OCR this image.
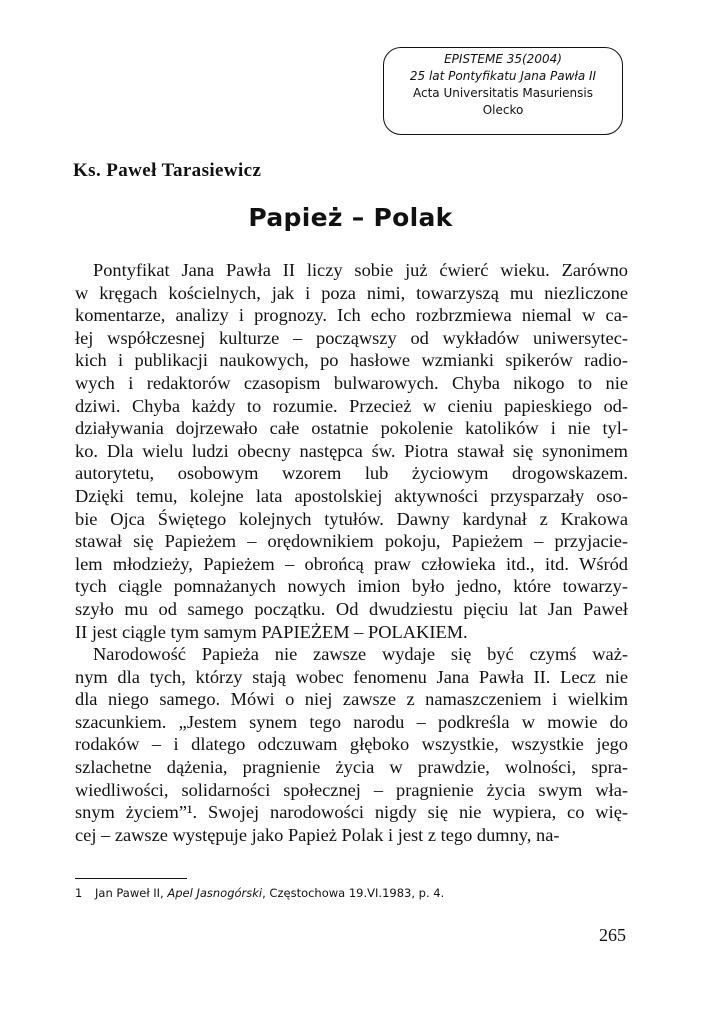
EPISTEME 35(2004)
25 lat Pontyfikatu Jana Pawła II
Acta Universitatis Masuriensis
Olecko
Ks. Paweł Tarasiewicz
Papież – Polak
Pontyfikat Jana Pawła II liczy sobie już ćwierć wieku. Zarówno
w kręgach kościelnych, jak i poza nimi, towarzyszą mu niezliczone
komentarze, analizy i prognozy. Ich echo rozbrzmiewa niemal w ca-
łej współczesnej kulturze – począwszy od wykładów uniwersytec-
kich i publikacji naukowych, po hasłowe wzmianki spikerów radio-
wych i redaktorów czasopism bulwarowych. Chyba nikogo to nie
dziwi. Chyba każdy to rozumie. Przecież w cieniu papieskiego od-
działywania dojrzewało całe ostatnie pokolenie katolików i nie tyl-
ko. Dla wielu ludzi obecny następca św. Piotra stawał się synonimem
autorytetu, osobowym wzorem lub życiowym drogowskazem.
Dzięki temu, kolejne lata apostolskiej aktywności przysparzały oso-
bie Ojca Świętego kolejnych tytułów. Dawny kardynał z Krakowa
stawał się Papieżem – orędownikiem pokoju, Papieżem – przyjacie-
lem młodzieży, Papieżem – obrońcą praw człowieka itd., itd. Wśród
tych ciągle pomnażanych nowych imion było jedno, które towarzy-
szyło mu od samego początku. Od dwudziestu pięciu lat Jan Paweł
II jest ciągle tym samym PAPIEŻEM – POLAKIEM.
Narodowość Papieża nie zawsze wydaje się być czymś waż-
nym dla tych, którzy stają wobec fenomenu Jana Pawła II. Lecz nie
dla niego samego. Mówi o niej zawsze z namaszczeniem i wielkim
szacunkiem. „Jestem synem tego narodu – podkreśla w mowie do
rodaków – i dlatego odczuwam głęboko wszystkie, wszystkie jego
szlachetne dążenia, pragnienie życia w prawdzie, wolności, spra-
wiedliwości, solidarności społecznej – pragnienie życia swym wła-
snym życiem”¹. Swojej narodowości nigdy się nie wypiera, co wię-
cej – zawsze występuje jako Papież Polak i jest z tego dumny, na-
1 Jan Paweł II, Apel Jasnogórski, Częstochowa 19.VI.1983, p. 4.
265
